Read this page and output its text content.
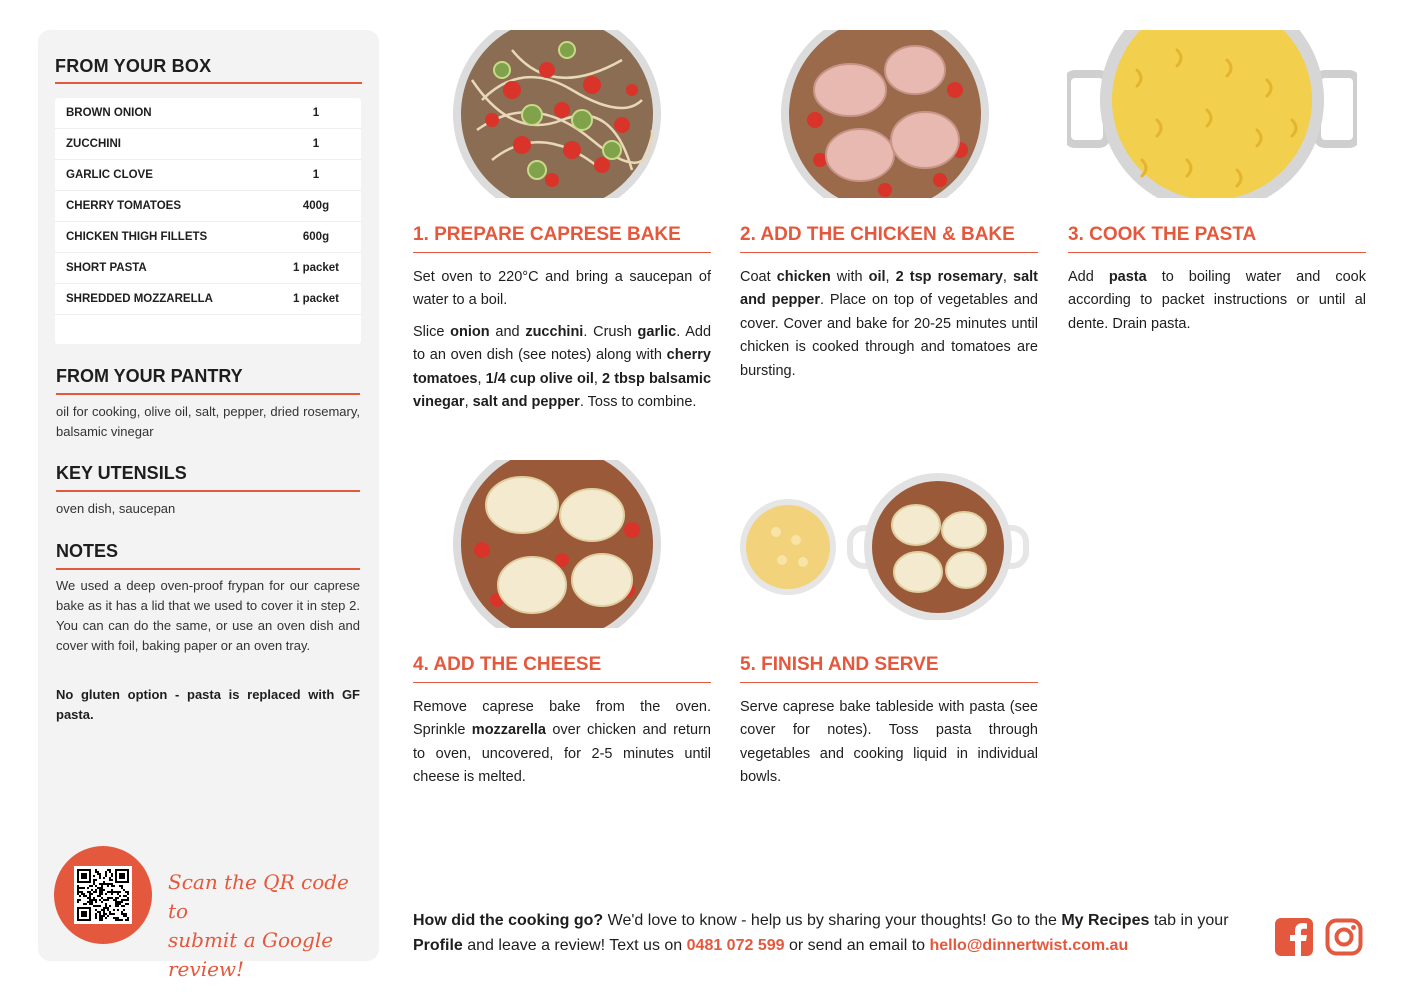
FROM YOUR BOX
BROWN ONION	1
ZUCCHINI	1
GARLIC CLOVE	1
CHERRY TOMATOES	400g
CHICKEN THIGH FILLETS	600g
SHORT PASTA	1 packet
SHREDDED MOZZARELLA	1 packet
FROM YOUR PANTRY
oil for cooking, olive oil, salt, pepper, dried rosemary, balsamic vinegar
KEY UTENSILS
oven dish, saucepan
NOTES
We used a deep oven-proof frypan for our caprese bake as it has a lid that we used to cover it in step 2. You can can do the same, or use an oven dish and cover with foil, baking paper or an oven tray.
No gluten option - pasta is replaced with GF pasta.
Scan the QR code to
submit a Google review!
1. PREPARE CAPRESE BAKE

Set oven to 220°C and bring a saucepan of water to a boil.

Slice onion and zucchini. Crush garlic. Add to an oven dish (see notes) along with cherry tomatoes, 1/4 cup olive oil, 2 tbsp balsamic vinegar, salt and pepper. Toss to combine.

2. ADD THE CHICKEN & BAKE

Coat chicken with oil, 2 tsp rosemary, salt and pepper. Place on top of vegetables and cover. Cover and bake for 20-25 minutes until chicken is cooked through and tomatoes are bursting.

3. COOK THE PASTA

Add pasta to boiling water and cook according to packet instructions or until al dente. Drain pasta.

4. ADD THE CHEESE

Remove caprese bake from the oven. Sprinkle mozzarella over chicken and return to oven, uncovered, for 2-5 minutes until cheese is melted.

5. FINISH AND SERVE

Serve caprese bake tableside with pasta (see cover for notes). Toss pasta through vegetables and cooking liquid in individual bowls.

How did the cooking go? We'd love to know - help us by sharing your thoughts! Go to the My Recipes tab in your Profile and leave a review! Text us on 0481 072 599 or send an email to hello@dinnertwist.com.au
